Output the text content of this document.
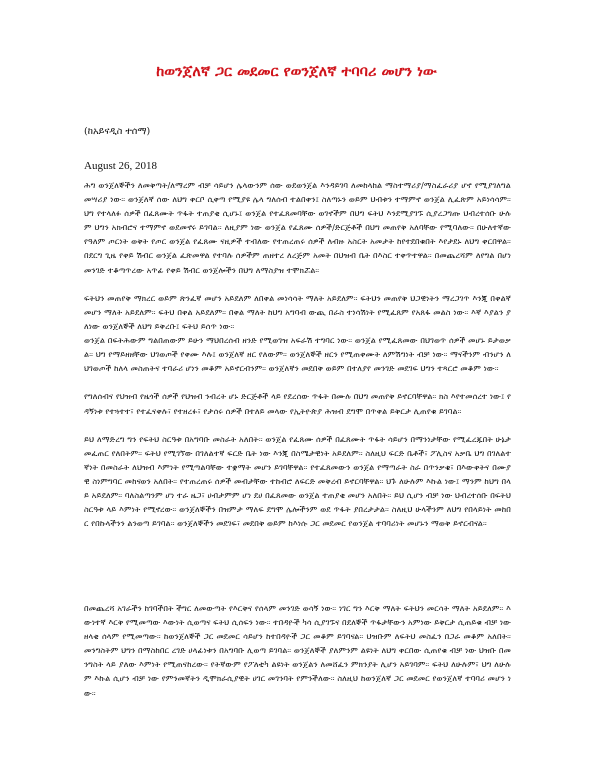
ከወንጀለኛ ጋር መደመር የወንጀለኛ ተባባሪ መሆን ነው
(ከአይናዲስ ተሰማ)
August 26, 2018

ሕግ ወንጀለኞችን ለመቅጣት/ለማረም ብቻ ሳይሆን ሌላውንም ሰው ወደወንጀል እንዳይገባ ለመከላከል ማስተማሪያ/ማስፈራሪያ ሆኖ የሚያገለግል መሣሪያ ነው። ወንጀለኛ ሰው ለህግ ቀርቦ ሲቀጣ የሚያዩ ሌላ ግለሰብ ተልበቀን፤ ስለጣኑን ወይም ህብቱን ተማምኖ ወንጀል ሊፈጽም አይነሳሳም። ህግ የተላለፉ ሰዎች በፈጸሙት ጥፋት ተጠያቂ ሲሆኑ፤ ወንጀል የተፈጸመባቸው ወገኖችም በህግ ፍትህ እንደሚያገኙ ሲያረጋግጡ ህብረተሰቡ ሁሉም ህግን አክብሮና ተማምኖ ወደመኖሩ ይገባል። ለዚያም ነው ወንጀል የፈጸሙ ሰዎች/ድርጅቶች በህግ መጠየቅ አለባቸው የሚባለው። በሁለተኛው የዓለም ጦርነት ወቅት የጦር ወንጀል የፈጸሙ ናዚዎች ተብለው የተጠረጠሩ ሰዎች ለብዙ አስርት አመታት ከየተደበቁበት እየታደኑ ለህግ ቀርበዋል። በደርግ ጊዜ የቀይ ሽብር ወንጀል ፈጽመዋል የተባሉ ሰዎችም ጠዘተረ ለረጅም አመት በህዝብ ቤት በእስር ተቀጥተዋል። በመጨረሻም ለየግል በሆነ መንገድ ተቆጣጥረው አጥፊ የቀይ ሽብር ወንጀሎችን በህግ ለማስያዝ ተሞክሯል።

ፍትህን መጠየቅ ማክረር ወይም ጽንፈኛ መሆን አይደለም ለበቀል መነሳሳት ማለት አይደለም። ፍትህን መጠየቅ ህጋዊነትን ማረጋገጥ እንጂ በቀልኛ መሆን ማለት አይደለም። ፍትህ በቀል አይደለም። በቀል ማለት ከህግ አግባብ ውጪ በራስ ተነሳሽነት የሚፈጸም የአጸፋ መልስ ነው። እኛ እያልን ያለነው ወንጀለኞች ለህግ ይቅረቡ፤ ፍትህ ይሰጥ ነው።

ወንጀል በፍትሕውም ግልበጠውም ይሁን ማህበረሰብ ዘንድ የሚወገዝ አፍራሽ ተግባር ነው። ወንጀል የሚፈጸመው በህገወጥ ሰዎች መሆኑ ይታወቃል። ህግ የማይዘዘቸው ህገወጦች የቀሙ እሉ፤ ወንጀለኛ ዘር የለውም። ወንጀለኞች ዘርን የሚጠቀሙት ለምሽግነት ብቻ ነው። ማናችንም ብንሆን ለህገወጦች ከለላ መስጠትና ተባራሪ ሆነን መቆም አይኖርብንም። ወንጀለኛን መደበቅ ወይም በተለያየ መንገድ መደገፍ ህግን ተጻርሮ መቆም ነው።

የግለሰብና የህዝብ የዜጎች ሰዎች የህዝብ ንብረት ሆኑ ድርጅቶች ላይ የደረሰው ጥፋት በሙሉ በህግ መጠየቅ ይኖርባቸዋል። ክስ እየተመሰረተ ነው፤ የዳኝነቱ የተጓተተ፣ የተፈናቀሉ፣ የተዘረፉ፣ የታሰሩ ሰዎች በተለይ መላው የኢትዮጵያ ሕዝብ ደግሞ በጥቀል ይቅርታ ሊጠየቁ ይገባል።

ይህ ለማድረግ ግን የፍትህ ስርዓቱ በአግባቡ መስራት አለበት። ወንጀል የፈጸሙ ሰዎች በፈጸሙት ጥፋት ሳይሆን በማንነታቸው የሚፈረጁበት ሁኔታ መፈጠር የለበትም። ፍትህ የሚገኘው በገለልተኛ ፍርድ ቤት ነው እንጂ በስሜታዊነት አይደለም። ስለዚህ ፍርድ ቤቶች፣ ፖሊስና አቃቤ ህግ በገለልተኛነት በመስራት ለህዝብ እምነት የሚጣልባቸው ተቋማት መሆን ይገባቸዋል። የተፈጸመውን ወንጀል የማጣራት ስራ በጥንቃቄ፣ በእውቀትና በሙያዊ ስነምግባር መከናወን አለበት። የተጠረጠሩ ሰዎች መብታቸው ተከብሮ ለፍርድ መቅረብ ይኖርባቸዋል። ህጉ ለሁሉም እኩል ነው፤ ማንም ከህግ በላይ አይደለም። ባለስልጣንም ሆነ ተራ ዜጋ፣ ሀብታምም ሆነ ደሀ በፈጸመው ወንጀል ተጠያቂ መሆን አለበት። ይህ ሲሆን ብቻ ነው ህብረተሰቡ በፍትህ ስርዓቱ ላይ እምነት የሚኖረው። ወንጀለኞችን በዝምታ ማለፍ ደግሞ ሌሎችንም ወደ ጥፋት ያበረታታል። ስለዚህ ሁላችንም ለህግ የበላይነት መከበር የበኩላችንን ልንወጣ ይገባል። ወንጀለኞችን መደገፍ፣ መደበቅ ወይም ከእነሱ ጋር መደመር የወንጀል ተባባሪነት መሆኑን ማወቅ ይኖርብናል።

በመጨረሻ አገራችን ከገባችበት ችግር ለመውጣት የእርቅና የሰላም መንገድ ወሳኝ ነው። ነገር ግን እርቅ ማለት ፍትህን መርሳት ማለት አይደለም። እውነተኛ እርቅ የሚመጣው እውነት ሲወጣና ፍትህ ሲሰፍን ነው። ተበዳዮች ካሳ ሲያገኙና በደለኞች ጥፋታቸውን አምነው ይቅርታ ሲጠይቁ ብቻ ነው ዘላቂ ሰላም የሚመጣው። ከወንጀለኞች ጋር መደመር ሳይሆን ከተበዳዮች ጋር መቆም ይገባናል። ህዝቡም ለፍትህ መስፈን በጋራ መቆም አለበት። መንግስትም ህግን በማስከበር ረገድ ሀላፊነቱን በአግባቡ ሊወጣ ይገባል። ወንጀለኞች ያለምንም ልዩነት ለህግ ቀርበው ሲጠየቁ ብቻ ነው ህዝቡ በመንግስት ላይ ያለው እምነት የሚጠናከረው። የትኛውም የፖለቲካ ልዩነት ወንጀልን ለመሸፈን ምክንያት ሊሆን አይገባም። ፍትህ ለሁሉም፣ ህግ ለሁሉም እኩል ሲሆን ብቻ ነው የምንመኛትን ዲሞክራሲያዊት ሀገር መገንባት የምንችለው። ስለዚህ ከወንጀለኛ ጋር መደመር የወንጀለኛ ተባባሪ መሆን ነው።
